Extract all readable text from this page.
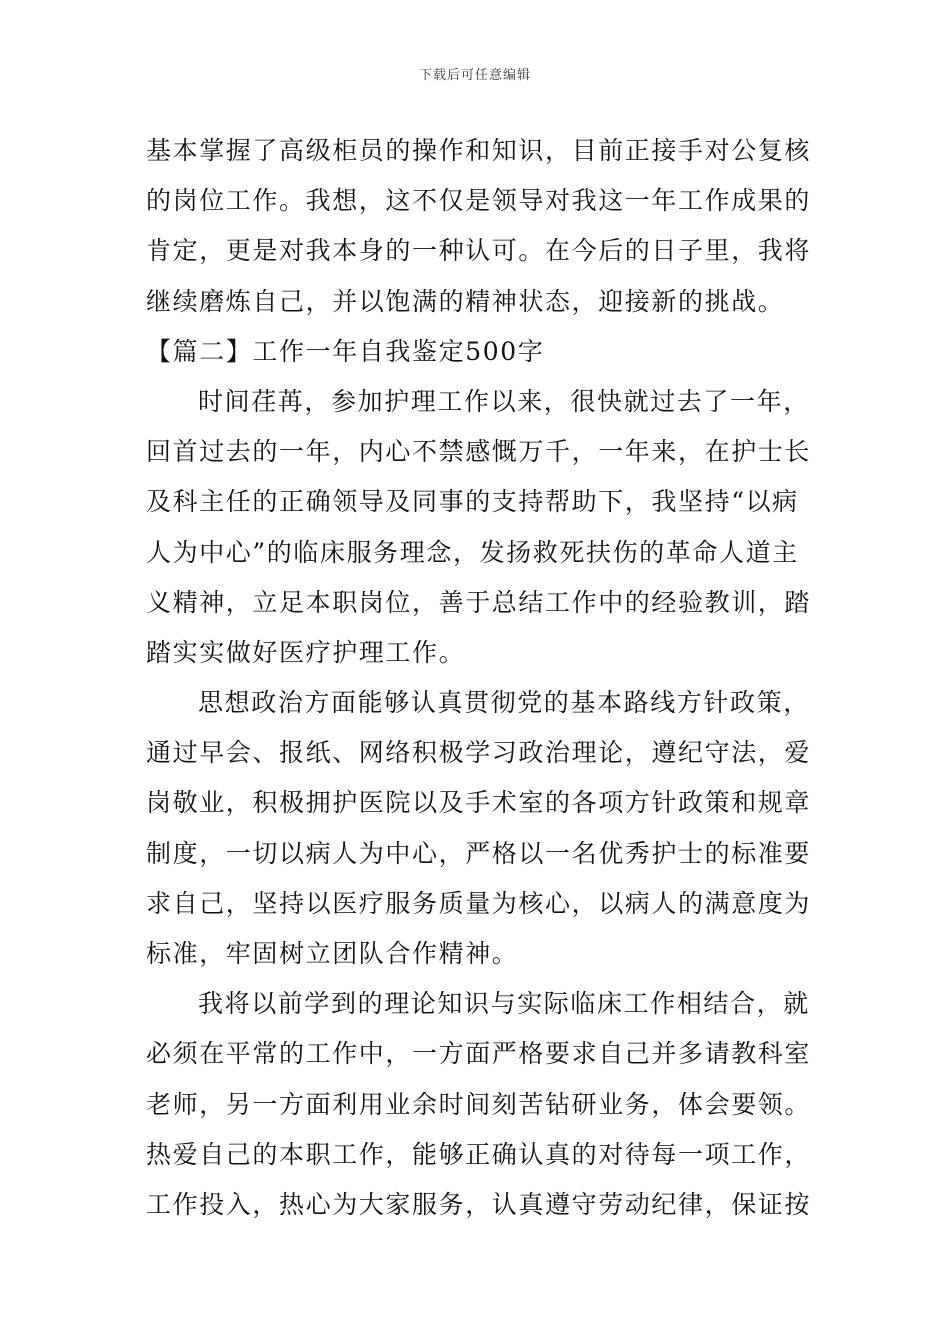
下载后可任意编辑
基本掌握了高级柜员的操作和知识，目前正接手对公复核
的岗位工作。我想，这不仅是领导对我这一年工作成果的
肯定，更是对我本身的一种认可。在今后的日子里，我将
继续磨炼自己，并以饱满的精神状态，迎接新的挑战。
【篇二】工作一年自我鉴定500字
时间荏苒，参加护理工作以来，很快就过去了一年，
回首过去的一年，内心不禁感慨万千，一年来，在护士长
及科主任的正确领导及同事的支持帮助下，我坚持“以病
人为中心”的临床服务理念，发扬救死扶伤的革命人道主
义精神，立足本职岗位，善于总结工作中的经验教训，踏
踏实实做好医疗护理工作。
思想政治方面能够认真贯彻党的基本路线方针政策，
通过早会、报纸、网络积极学习政治理论，遵纪守法，爱
岗敬业，积极拥护医院以及手术室的各项方针政策和规章
制度，一切以病人为中心，严格以一名优秀护士的标准要
求自己，坚持以医疗服务质量为核心，以病人的满意度为
标准，牢固树立团队合作精神。
我将以前学到的理论知识与实际临床工作相结合，就
必须在平常的工作中，一方面严格要求自己并多请教科室
老师，另一方面利用业余时间刻苦钻研业务，体会要领。
热爱自己的本职工作，能够正确认真的对待每一项工作，
工作投入，热心为大家服务，认真遵守劳动纪律，保证按
